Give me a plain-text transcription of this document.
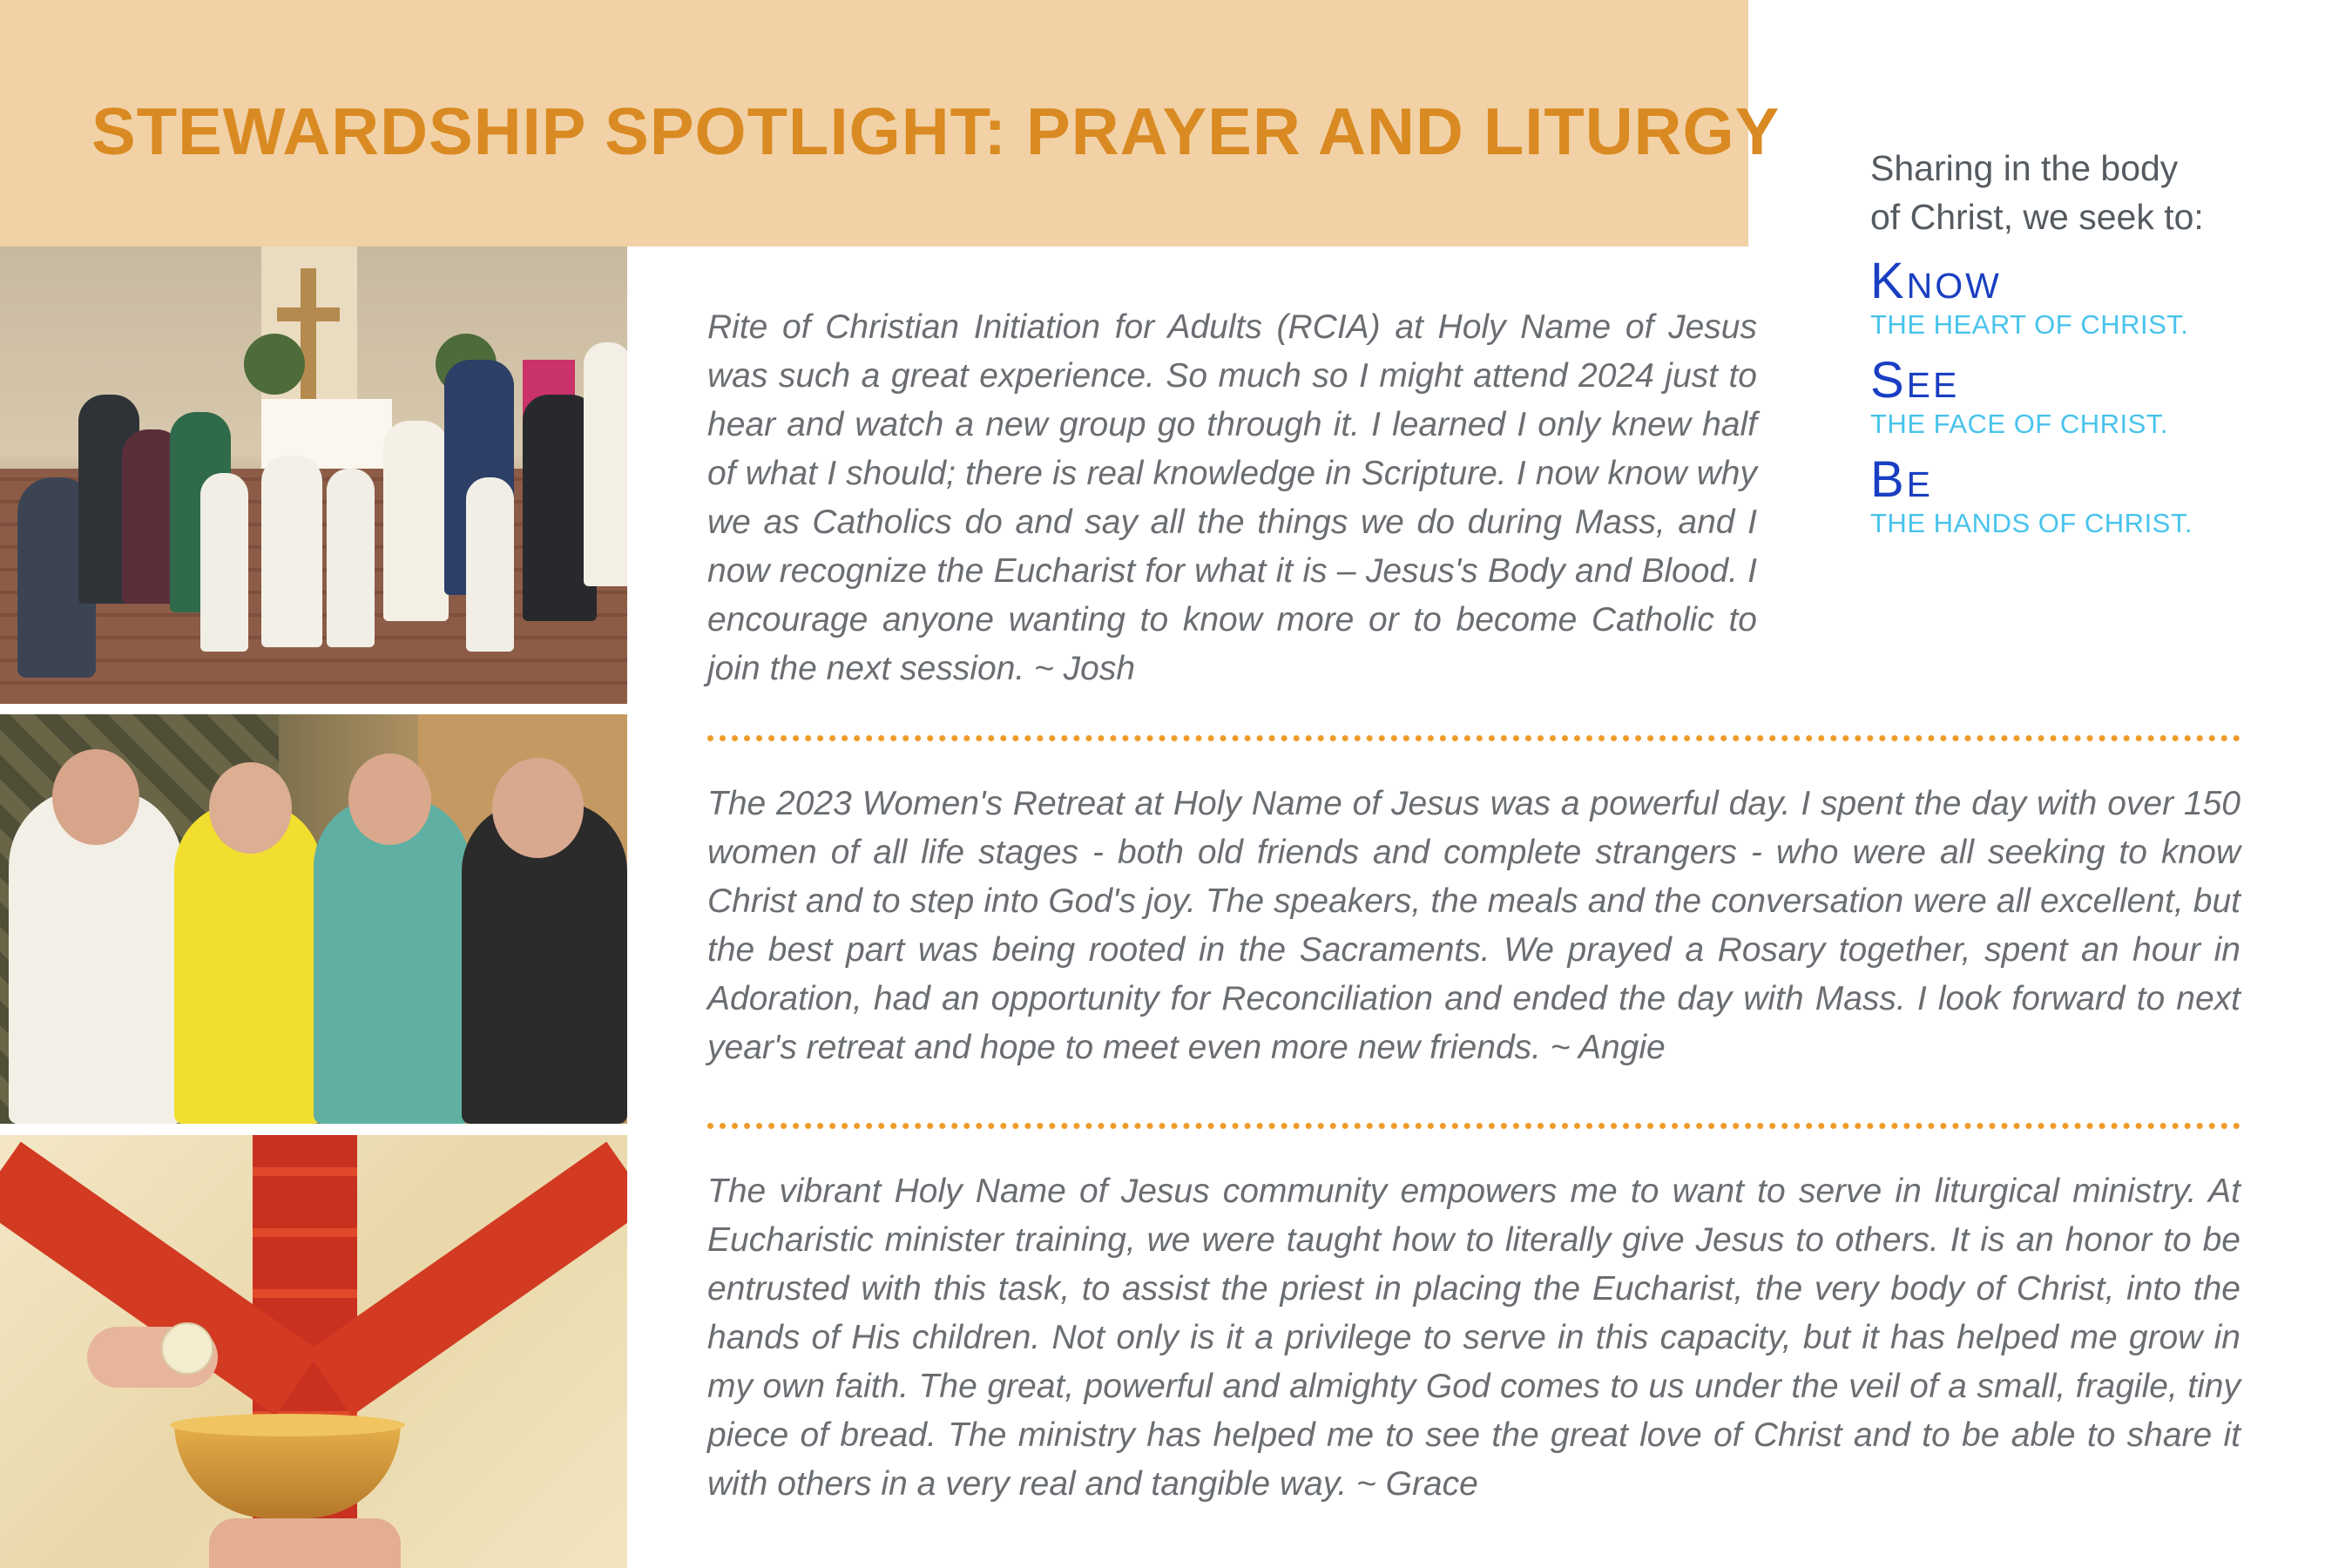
STEWARDSHIP SPOTLIGHT: PRAYER AND LITURGY	Sharing in the body
of Christ, we seek to:
Know
THE HEART OF CHRIST.
See
THE FACE OF CHRIST.
Be
THE HANDS OF CHRIST.

Rite of Christian Initiation for Adults (RCIA) at Holy Name of Jesus was such a great experience. So much so I might attend 2024 just to hear and watch a new group go through it. I learned I only knew half of what I should; there is real knowledge in Scripture. I now know why we as Catholics do and say all the things we do during Mass, and I now recognize the Eucharist for what it is – Jesus's Body and Blood. I encourage anyone wanting to know more or to become Catholic to join the next session. ~ Josh

The 2023 Women's Retreat at Holy Name of Jesus was a powerful day. I spent the day with over 150 women of all life stages - both old friends and complete strangers - who were all seeking to know Christ and to step into God's joy. The speakers, the meals and the conversation were all excellent, but the best part was being rooted in the Sacraments. We prayed a Rosary together, spent an hour in Adoration, had an opportunity for Reconciliation and ended the day with Mass. I look forward to next year's retreat and hope to meet even more new friends. ~ Angie

The vibrant Holy Name of Jesus community empowers me to want to serve in liturgical ministry. At Eucharistic minister training, we were taught how to literally give Jesus to others. It is an honor to be entrusted with this task, to assist the priest in placing the Eucharist, the very body of Christ, into the hands of His children. Not only is it a privilege to serve in this capacity, but it has helped me grow in my own faith. The great, powerful and almighty God comes to us under the veil of a small, fragile, tiny piece of bread. The ministry has helped me to see the great love of Christ and to be able to share it with others in a very real and tangible way. ~ Grace
